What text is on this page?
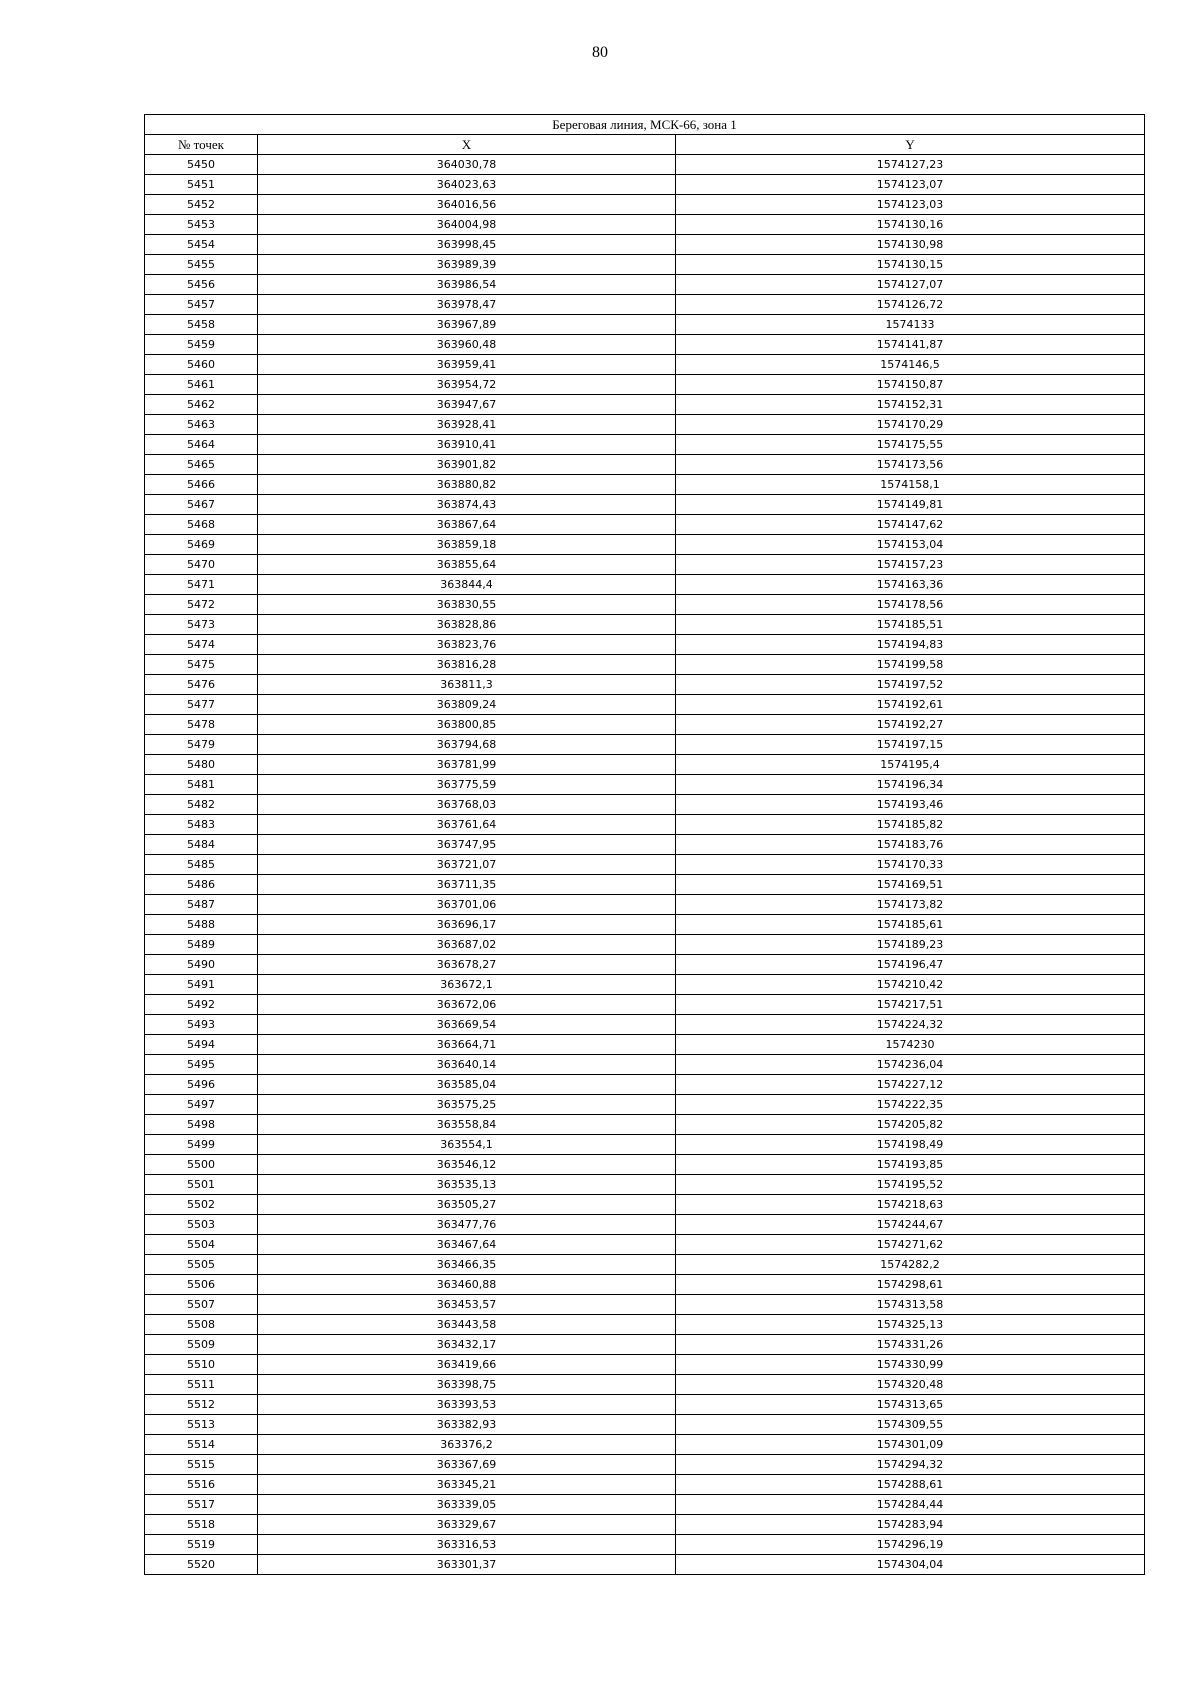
80
Береговая линия, МСК-66, зона 1		
№ точек	X	Y
5450	364030,78	1574127,23
5451	364023,63	1574123,07
5452	364016,56	1574123,03
5453	364004,98	1574130,16
5454	363998,45	1574130,98
5455	363989,39	1574130,15
5456	363986,54	1574127,07
5457	363978,47	1574126,72
5458	363967,89	1574133
5459	363960,48	1574141,87
5460	363959,41	1574146,5
5461	363954,72	1574150,87
5462	363947,67	1574152,31
5463	363928,41	1574170,29
5464	363910,41	1574175,55
5465	363901,82	1574173,56
5466	363880,82	1574158,1
5467	363874,43	1574149,81
5468	363867,64	1574147,62
5469	363859,18	1574153,04
5470	363855,64	1574157,23
5471	363844,4	1574163,36
5472	363830,55	1574178,56
5473	363828,86	1574185,51
5474	363823,76	1574194,83
5475	363816,28	1574199,58
5476	363811,3	1574197,52
5477	363809,24	1574192,61
5478	363800,85	1574192,27
5479	363794,68	1574197,15
5480	363781,99	1574195,4
5481	363775,59	1574196,34
5482	363768,03	1574193,46
5483	363761,64	1574185,82
5484	363747,95	1574183,76
5485	363721,07	1574170,33
5486	363711,35	1574169,51
5487	363701,06	1574173,82
5488	363696,17	1574185,61
5489	363687,02	1574189,23
5490	363678,27	1574196,47
5491	363672,1	1574210,42
5492	363672,06	1574217,51
5493	363669,54	1574224,32
5494	363664,71	1574230
5495	363640,14	1574236,04
5496	363585,04	1574227,12
5497	363575,25	1574222,35
5498	363558,84	1574205,82
5499	363554,1	1574198,49
5500	363546,12	1574193,85
5501	363535,13	1574195,52
5502	363505,27	1574218,63
5503	363477,76	1574244,67
5504	363467,64	1574271,62
5505	363466,35	1574282,2
5506	363460,88	1574298,61
5507	363453,57	1574313,58
5508	363443,58	1574325,13
5509	363432,17	1574331,26
5510	363419,66	1574330,99
5511	363398,75	1574320,48
5512	363393,53	1574313,65
5513	363382,93	1574309,55
5514	363376,2	1574301,09
5515	363367,69	1574294,32
5516	363345,21	1574288,61
5517	363339,05	1574284,44
5518	363329,67	1574283,94
5519	363316,53	1574296,19
5520	363301,37	1574304,04
